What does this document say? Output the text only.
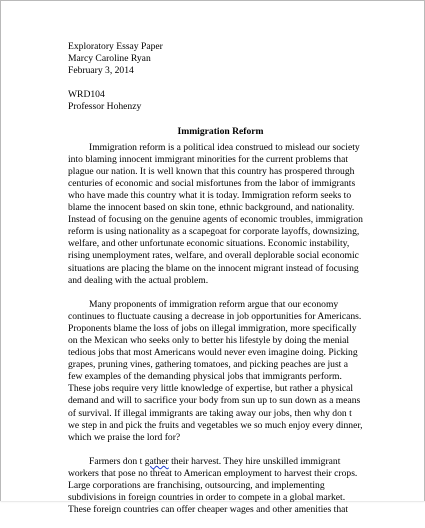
Exploratory Essay Paper
Marcy Caroline Ryan
February 3, 2014
WRD104
Professor Hohenzy
Immigration Reform
Immigration reform is a political idea construed to mislead our society
into blaming innocent immigrant minorities for the current problems that
plague our nation. It is well known that this country has prospered through
centuries of economic and social misfortunes from the labor of immigrants
who have made this country what it is today. Immigration reform seeks to
blame the innocent based on skin tone, ethnic background, and nationality.
Instead of focusing on the genuine agents of economic troubles, immigration
reform is using nationality as a scapegoat for corporate layoffs, downsizing,
welfare, and other unfortunate economic situations. Economic instability,
rising unemployment rates, welfare, and overall deplorable social economic
situations are placing the blame on the innocent migrant instead of focusing
and dealing with the actual problem.
Many proponents of immigration reform argue that our economy
continues to fluctuate causing a decrease in job opportunities for Americans.
Proponents blame the loss of jobs on illegal immigration, more specifically
on the Mexican who seeks only to better his lifestyle by doing the menial
tedious jobs that most Americans would never even imagine doing. Picking
grapes, pruning vines, gathering tomatoes, and picking peaches are just a
few examples of the demanding physical jobs that immigrants perform.
These jobs require very little knowledge of expertise, but rather a physical
demand and will to sacrifice your body from sun up to sun down as a means
of survival. If illegal immigrants are taking away our jobs, then why don t
we step in and pick the fruits and vegetables we so much enjoy every dinner,
which we praise the lord for?
Farmers don t gather their harvest. They hire unskilled immigrant
workers that pose no threat to American employment to harvest their crops.
Large corporations are franchising, outsourcing, and implementing
subdivisions in foreign countries in order to compete in a global market.
These foreign countries can offer cheaper wages and other amenities that
